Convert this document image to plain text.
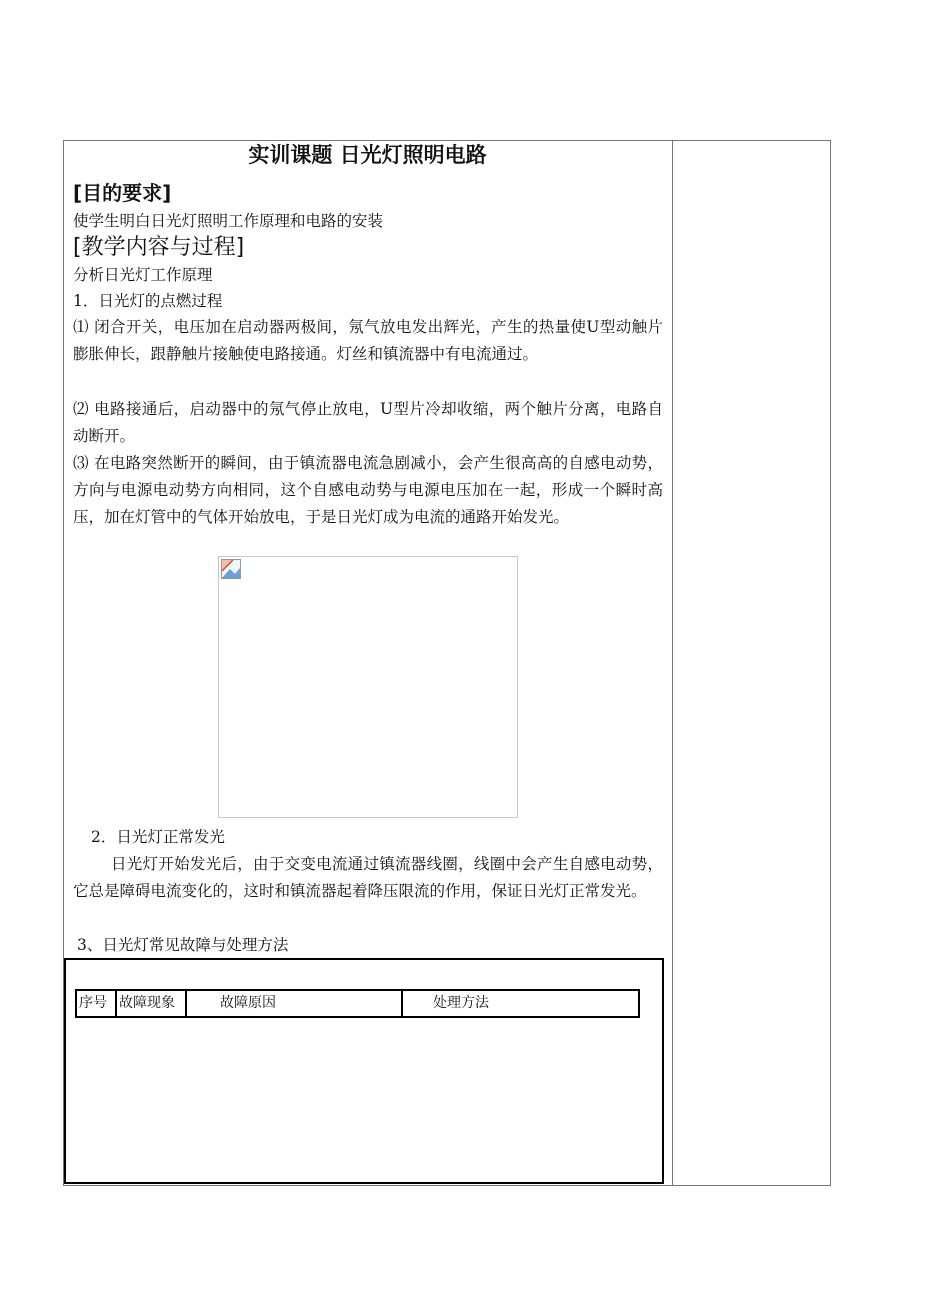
实训课题 日光灯照明电路
[目的要求]
使学生明白日光灯照明工作原理和电路的安装
[教学内容与过程]
分析日光灯工作原理
1．日光灯的点燃过程
⑴ 闭合开关，电压加在启动器两极间，氖气放电发出辉光，产生的热量使U型动触片膨胀伸长，跟静触片接触使电路接通。灯丝和镇流器中有电流通过。
⑵ 电路接通后，启动器中的氖气停止放电，U型片冷却收缩，两个触片分离，电路自动断开。
⑶ 在电路突然断开的瞬间，由于镇流器电流急剧减小，会产生很高高的自感电动势，方向与电源电动势方向相同，这个自感电动势与电源电压加在一起，形成一个瞬时高压，加在灯管中的气体开始放电，于是日光灯成为电流的通路开始发光。
2．日光灯正常发光
日光灯开始发光后，由于交变电流通过镇流器线圈，线圈中会产生自感电动势，它总是障碍电流变化的，这时和镇流器起着降压限流的作用，保证日光灯正常发光。
3、日光灯常见故障与处理方法
序号 故障现象	故障原因	处理方法
